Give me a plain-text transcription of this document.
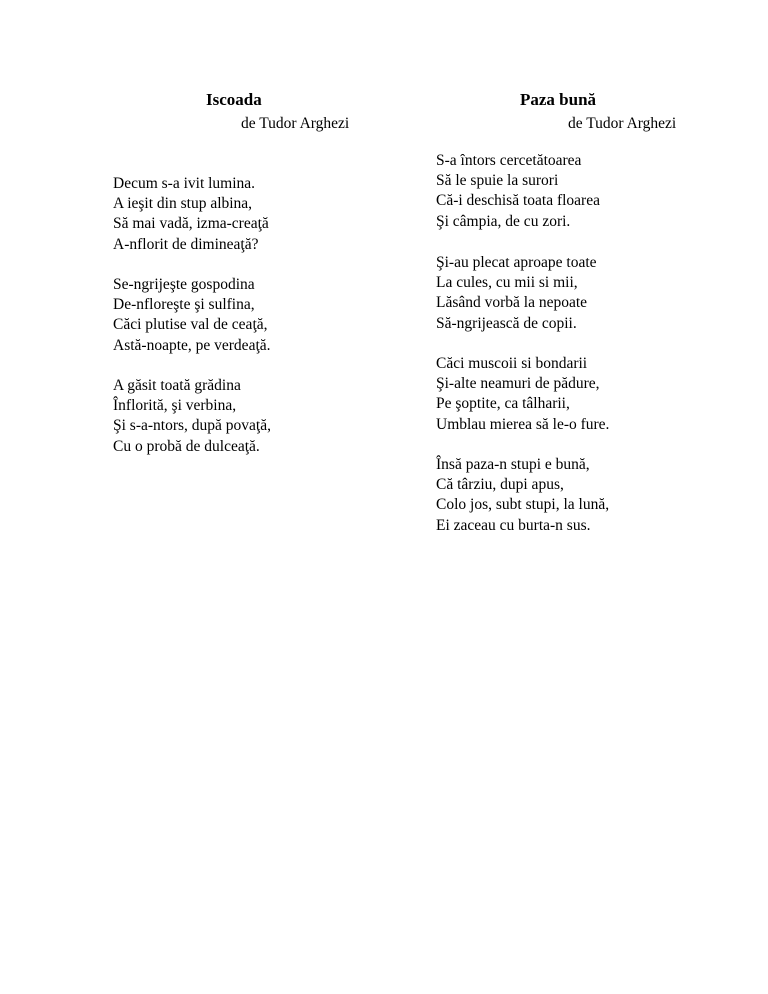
Iscoada

de Tudor Arghezi

Decum s-a ivit lumina.
A ieşit din stup albina,
Să mai vadă, izma-creaţă
A-nflorit de dimineaţă?
Se-ngrijeşte gospodina
De-nfloreşte şi sulfina,
Căci plutise val de ceaţă,
Astă-noapte, pe verdeaţă.
A găsit toată grădina
Înflorită, şi verbina,
Şi s-a-ntors, după povaţă,
Cu o probă de dulceaţă.
Paza bună

de Tudor Arghezi

S-a întors cercetătoarea
Să le spuie la surori
Că-i deschisă toata floarea
Şi câmpia, de cu zori.
Şi-au plecat aproape toate
La cules, cu mii si mii,
Lăsând vorbă la nepoate
Să-ngrijească de copii.
Căci muscoii si bondarii
Şi-alte neamuri de pădure,
Pe şoptite, ca tâlharii,
Umblau mierea să le-o fure.
Însă paza-n stupi e bună,
Că târziu, dupi apus,
Colo jos, subt stupi, la lună,
Ei zaceau cu burta-n sus.
